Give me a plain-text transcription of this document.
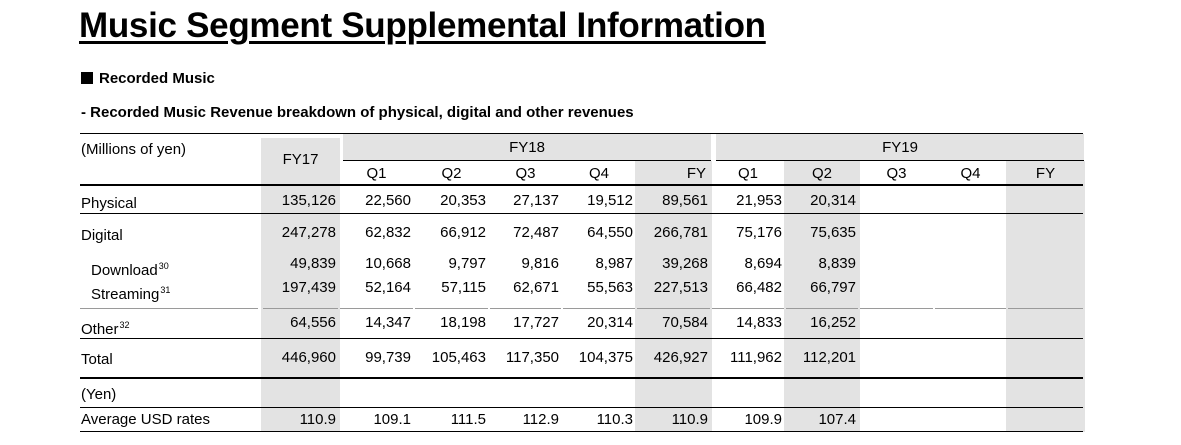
Music Segment Supplemental Information
Recorded Music
- Recorded Music Revenue breakdown of physical, digital and other revenues
(Millions of yen)
FY17
FY18	FY19
Q1	Q2	Q3	Q4	FY	Q1	Q2	Q3	Q4	FY
Physical	135,126	22,560	20,353	27,137	19,512	89,561	21,953	20,314
Digital	247,278	62,832	66,912	72,487	64,550	266,781	75,176	75,635
Download$^{30}$	49,839	10,668	9,797	9,816	8,987	39,268	8,694	8,839
Streaming$^{31}$	197,439	52,164	57,115	62,671	55,563	227,513	66,482	66,797
Other$^{32}$	64,556	14,347	18,198	17,727	20,314	70,584	14,833	16,252
Total	446,960	99,739	105,463	117,350	104,375	426,927	111,962	112,201
(Yen)
Average USD rates	110.9	109.1	111.5	112.9	110.3	110.9	109.9	107.4
